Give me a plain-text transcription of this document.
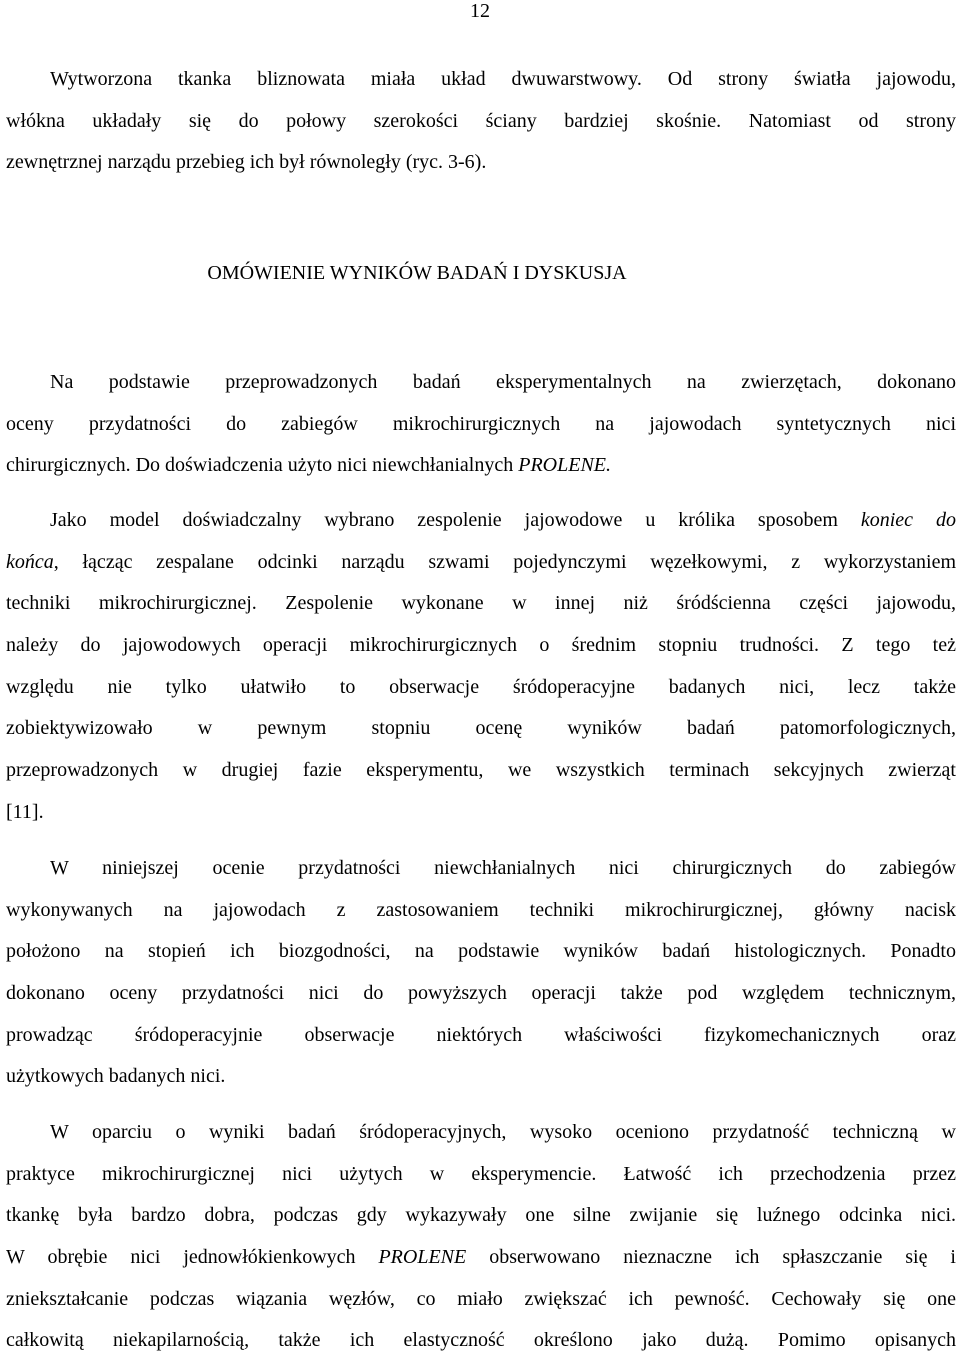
12
Wytworzona tkanka bliznowata miała układ dwuwarstwowy. Od strony światła jajowodu,
włókna układały się do połowy szerokości ściany bardziej skośnie. Natomiast od strony
zewnętrznej narządu przebieg ich był równoległy (ryc. 3-6).
OMÓWIENIE WYNIKÓW BADAŃ I DYSKUSJA
Na podstawie przeprowadzonych badań eksperymentalnych na zwierzętach, dokonano
oceny przydatności do zabiegów mikrochirurgicznych na jajowodach syntetycznych nici
chirurgicznych. Do doświadczenia użyto nici niewchłanialnych PROLENE.
Jako model doświadczalny wybrano zespolenie jajowodowe u królika sposobem koniec do
końca, łącząc zespalane odcinki narządu szwami pojedynczymi węzełkowymi, z wykorzystaniem
techniki mikrochirurgicznej. Zespolenie wykonane w innej niż śródścienna części jajowodu,
należy do jajowodowych operacji mikrochirurgicznych o średnim stopniu trudności. Z tego też
względu nie tylko ułatwiło to obserwacje śródoperacyjne badanych nici, lecz także
zobiektywizowało w pewnym stopniu ocenę wyników badań patomorfologicznych,
przeprowadzonych w drugiej fazie eksperymentu, we wszystkich terminach sekcyjnych zwierząt
[11].
W niniejszej ocenie przydatności niewchłanialnych nici chirurgicznych do zabiegów
wykonywanych na jajowodach z zastosowaniem techniki mikrochirurgicznej, główny nacisk
położono na stopień ich biozgodności, na podstawie wyników badań histologicznych. Ponadto
dokonano oceny przydatności nici do powyższych operacji także pod względem technicznym,
prowadząc śródoperacyjnie obserwacje niektórych właściwości fizykomechanicznych oraz
użytkowych badanych nici.
W oparciu o wyniki badań śródoperacyjnych, wysoko oceniono przydatność techniczną w
praktyce mikrochirurgicznej nici użytych w eksperymencie. Łatwość ich przechodzenia przez
tkankę była bardzo dobra, podczas gdy wykazywały one silne zwijanie się luźnego odcinka nici.
W obrębie nici jednowłókienkowych PROLENE obserwowano nieznaczne ich spłaszczanie się i
zniekształcanie podczas wiązania węzłów, co miało zwiększać ich pewność. Cechowały się one
całkowitą niekapilarnością, także ich elastyczność określono jako dużą. Pomimo opisanych
